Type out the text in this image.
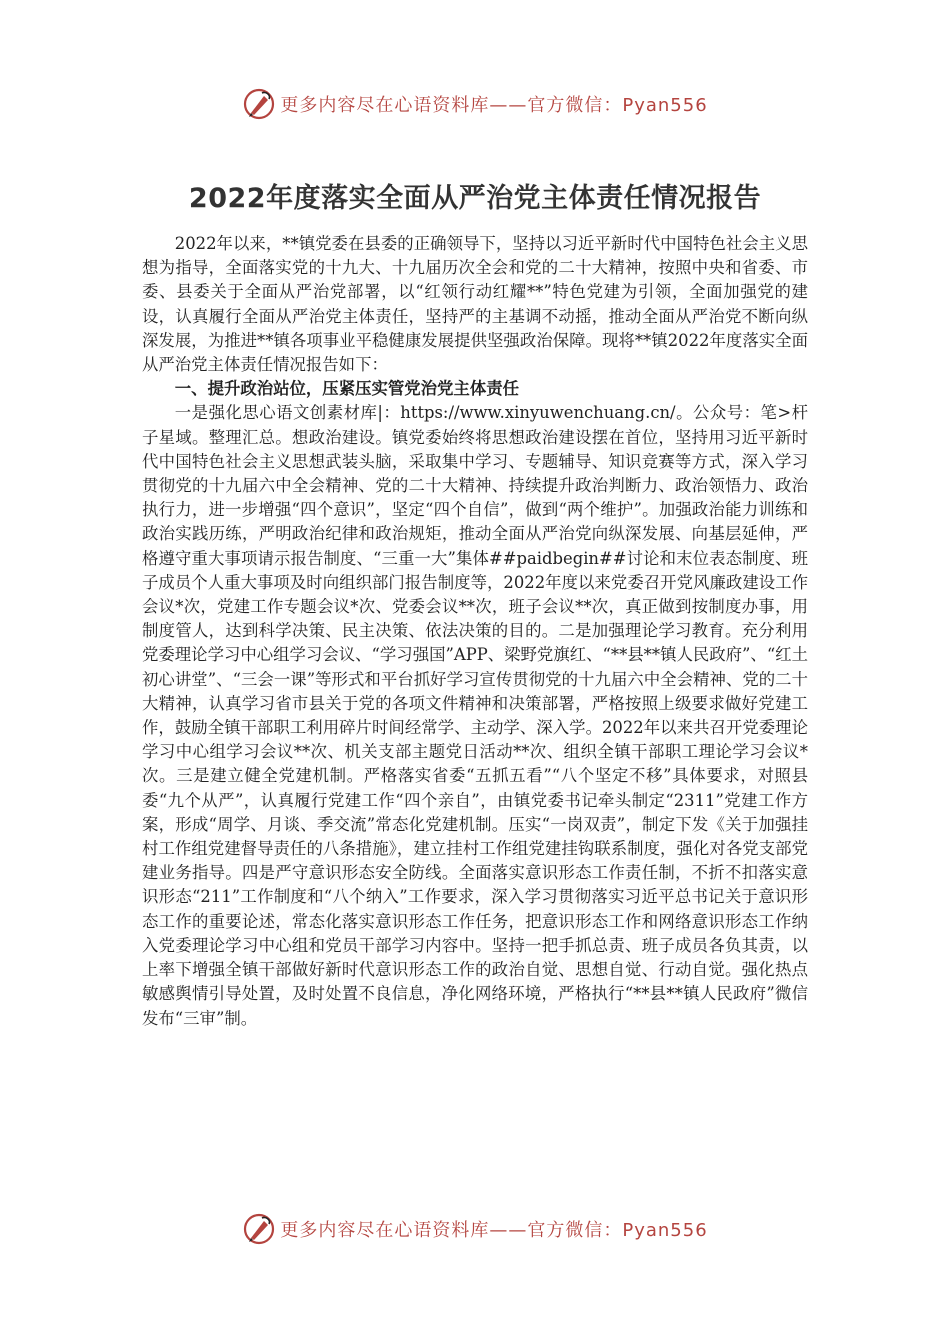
更多内容尽在心语资料库——官方微信：Pyan556
2022年度落实全面从严治党主体责任情况报告

2022年以来，**镇党委在县委的正确领导下，坚持以习近平新时代中国特色社会主义思想为指导，全面落实党的十九大、十九届历次全会和党的二十大精神，按照中央和省委、市委、县委关于全面从严治党部署，以“红领行动红耀**”特色党建为引领，全面加强党的建设，认真履行全面从严治党主体责任，坚持严的主基调不动摇，推动全面从严治党不断向纵深发展，为推进**镇各项事业平稳健康发展提供坚强政治保障。现将**镇2022年度落实全面从严治党主体责任情况报告如下：

一、提升政治站位，压紧压实管党治党主体责任

一是强化思心语文创素材库|：https://www.xinyuwenchuang.cn/。公众号：笔>杆子星域。整理汇总。想政治建设。镇党委始终将思想政治建设摆在首位，坚持用习近平新时代中国特色社会主义思想武装头脑，采取集中学习、专题辅导、知识竞赛等方式，深入学习贯彻党的十九届六中全会精神、党的二十大精神、持续提升政治判断力、政治领悟力、政治执行力，进一步增强“四个意识”，坚定“四个自信”，做到“两个维护”。加强政治能力训练和政治实践历练，严明政治纪律和政治规矩，推动全面从严治党向纵深发展、向基层延伸，严格遵守重大事项请示报告制度、“三重一大”集体##paidbegin##讨论和末位表态制度、班子成员个人重大事项及时向组织部门报告制度等，2022年度以来党委召开党风廉政建设工作会议*次，党建工作专题会议*次、党委会议**次，班子会议**次，真正做到按制度办事，用制度管人，达到科学决策、民主决策、依法决策的目的。二是加强理论学习教育。充分利用党委理论学习中心组学习会议、“学习强国”APP、梁野党旗红、“**县**镇人民政府”、“红土初心讲堂”、“三会一课”等形式和平台抓好学习宣传贯彻党的十九届六中全会精神、党的二十大精神，认真学习省市县关于党的各项文件精神和决策部署，严格按照上级要求做好党建工作，鼓励全镇干部职工利用碎片时间经常学、主动学、深入学。2022年以来共召开党委理论学习中心组学习会议**次、机关支部主题党日活动**次、组织全镇干部职工理论学习会议*次。三是建立健全党建机制。严格落实省委“五抓五看”“八个坚定不移”具体要求，对照县委“九个从严”，认真履行党建工作“四个亲自”，由镇党委书记牵头制定“2311”党建工作方案，形成“周学、月谈、季交流”常态化党建机制。压实“一岗双责”，制定下发《关于加强挂村工作组党建督导责任的八条措施》，建立挂村工作组党建挂钩联系制度，强化对各党支部党建业务指导。四是严守意识形态安全防线。全面落实意识形态工作责任制，不折不扣落实意识形态“211”工作制度和“八个纳入”工作要求，深入学习贯彻落实习近平总书记关于意识形态工作的重要论述，常态化落实意识形态工作任务，把意识形态工作和网络意识形态工作纳入党委理论学习中心组和党员干部学习内容中。坚持一把手抓总责、班子成员各负其责，以上率下增强全镇干部做好新时代意识形态工作的政治自觉、思想自觉、行动自觉。强化热点敏感舆情引导处置，及时处置不良信息，净化网络环境，严格执行“**县**镇人民政府”微信发布“三审”制。

更多内容尽在心语资料库——官方微信：Pyan556
